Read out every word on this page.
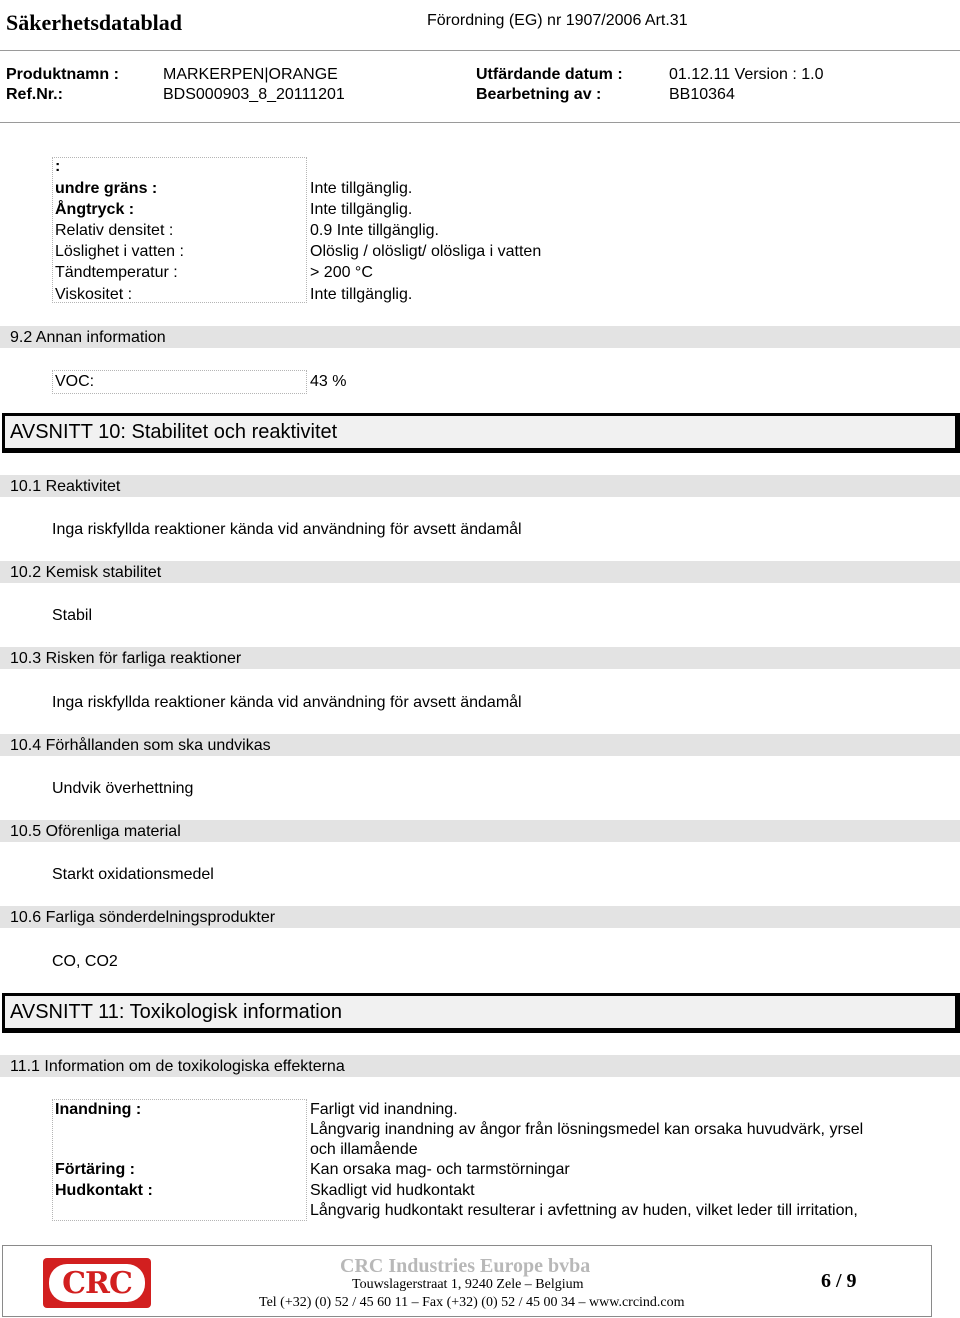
Säkerhetsdatablad	Förordning (EG) nr 1907/2006 Art.31
Produktnamn :	MARKERPEN|ORANGE	Utfärdande datum :	01.12.11 Version : 1.0
Ref.Nr.:	BDS000903_8_20111201	Bearbetning av :	BB10364
:
undre gräns :	Inte tillgänglig.
Ångtryck :	Inte tillgänglig.
Relativ densitet :	0.9 Inte tillgänglig.
Löslighet i vatten :	Olöslig / olösligt/ olösliga i vatten
Tändtemperatur :	> 200 °C
Viskositet :	Inte tillgänglig.
9.2 Annan information
VOC:	43 %
AVSNITT 10: Stabilitet och reaktivitet
10.1 Reaktivitet
Inga riskfyllda reaktioner kända vid användning för avsett ändamål
10.2 Kemisk stabilitet
Stabil
10.3 Risken för farliga reaktioner
Inga riskfyllda reaktioner kända vid användning för avsett ändamål
10.4 Förhållanden som ska undvikas
Undvik överhettning
10.5 Oförenliga material
Starkt oxidationsmedel
10.6 Farliga sönderdelningsprodukter
CO, CO2
AVSNITT 11: Toxikologisk information
11.1 Information om de toxikologiska effekterna
Inandning :	Farligt vid inandning.
Långvarig inandning av ångor från lösningsmedel kan orsaka huvudvärk, yrsel
och illamående
Förtäring :	Kan orsaka mag- och tarmstörningar
Hudkontakt :	Skadligt vid hudkontakt
Långvarig hudkontakt resulterar i avfettning av huden, vilket leder till irritation,
CRC	CRC Industries Europe bvba
Touwslagerstraat 1, 9240 Zele – Belgium
Tel (+32) (0) 52 / 45 60 11 – Fax (+32) (0) 52 / 45 00 34 – www.crcind.com
6 / 9
